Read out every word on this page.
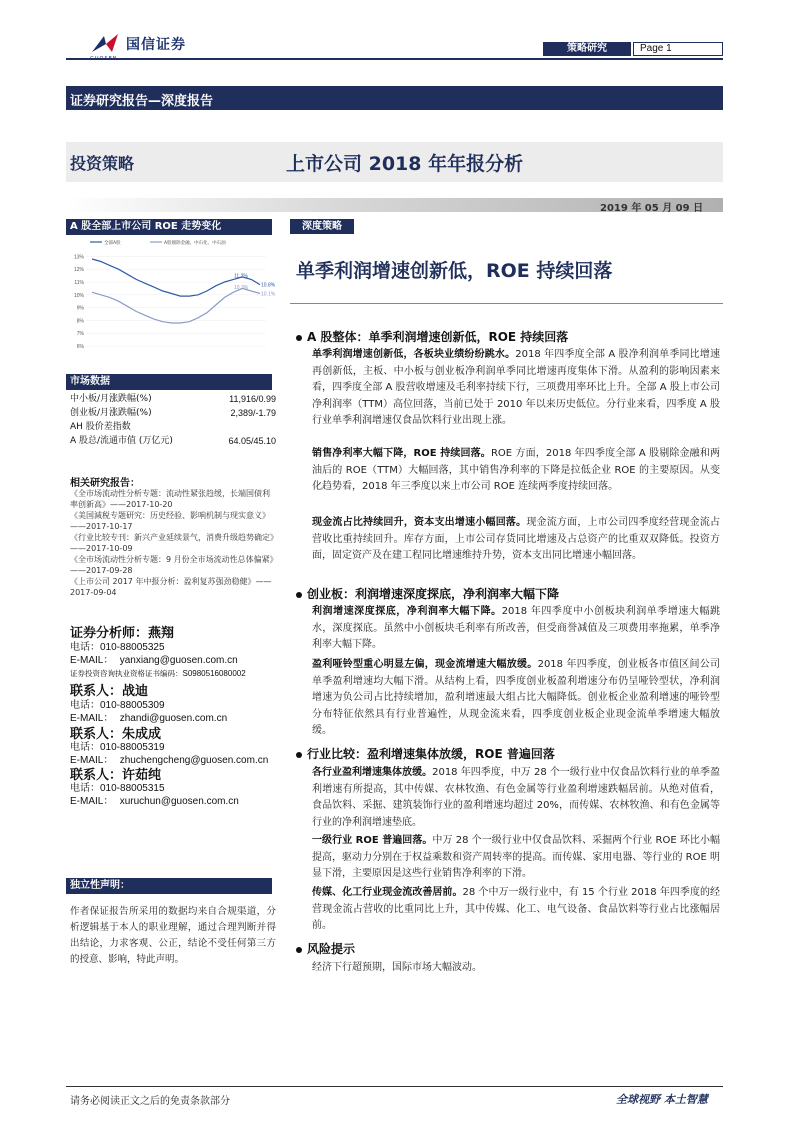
国信证券	策略研究	Page 1
证券研究报告—深度报告
投资策略	上市公司 2018 年年报分析
2019 年 05 月 09 日
A 股全部上市公司 ROE 走势变化
全部A股	A股剔除金融、中石化、中石油
13%
12%
11%
10%
9%
8%
7%
6%
11.2%
10.8%
10.3%
10.1%
市场数据
中小板/月涨跌幅(%)	11,916/0.99
创业板/月涨跌幅(%)	2,389/-1.79
AH 股价差指数
A 股总/流通市值 (万亿元)	64.05/45.10
相关研究报告：
《全市场流动性分析专题：流动性紧张趋缓，长端国债利率创新高》——2017-10-20
《美国減税专题研究：历史经验、影响机制与现实意义》——2017-10-17
《行业比较专刊：新兴产业延续景气，消费升级趋势确定》——2017-10-09
《全市场流动性分析专题：9 月份全市场流动性总体偏紧》——2017-09-28
《上市公司 2017 年中报分析：盈利复苏强劲稳健》——2017-09-04
证券分析师：燕翔
电话：010-88005325
E-MAIL： yanxiang@guosen.com.cn
证券投资咨询执业资格证书编码：S0980516080002
联系人：战迪
电话：010-88005309
E-MAIL： zhandi@guosen.com.cn
联系人：朱成成
电话：010-88005319
E-MAIL： zhuchengcheng@guosen.com.cn
联系人：许茹纯
电话：010-88005315
E-MAIL： xuruchun@guosen.com.cn
独立性声明：
作者保证报告所采用的数据均来自合规渠道，分析逻辑基于本人的职业理解，通过合理判断并得出结论，力求客观、公正，结论不受任何第三方的授意、影响，特此声明。
深度策略
单季利润增速创新低，ROE 持续回落

A 股整体：单季利润增速创新低，ROE 持续回落
单季利润增速创新低，各板块业绩纷纷跳水。2018 年四季度全部 A 股净利润单季同比增速再创新低，主板、中小板与创业板净利润单季同比增速再度集体下滑。从盈利的影响因素来看，四季度全部 A 股营收增速及毛利率持续下行，三项费用率环比上升。全部 A 股上市公司净利润率（TTM）高位回落，当前已处于 2010 年以来历史低位。分行业来看，四季度 A 股行业单季利润增速仅食品饮料行业出现上涨。
销售净利率大幅下降，ROE 持续回落。ROE 方面，2018 年四季度全部 A 股剔除金融和两油后的 ROE（TTM）大幅回落，其中销售净利率的下降是拉低企业 ROE 的主要原因。从变化趋势看，2018 年三季度以来上市公司 ROE 连续两季度持续回落。
现金流占比持续回升，资本支出增速小幅回落。现金流方面，上市公司四季度经营现金流占营收比重持续回升。库存方面，上市公司存货同比增速及占总资产的比重双双降低。投资方面，固定资产及在建工程同比增速维持升势，资本支出同比增速小幅回落。
创业板：利润增速深度探底，净利润率大幅下降
利润增速深度探底，净利润率大幅下降。2018 年四季度中小创板块利润单季增速大幅跳水，深度探底。虽然中小创板块毛利率有所改善，但受商誉减值及三项费用率拖累，单季净利率大幅下降。
盈利哑铃型重心明显左偏，现金流增速大幅放缓。2018 年四季度，创业板各市值区间公司单季盈利增速均大幅下滑。从结构上看，四季度创业板盈利增速分布仍呈哑铃型状，净利润增速为负公司占比持续增加，盈利增速最大组占比大幅降低。创业板企业盈利增速的哑铃型分布特征依然具有行业普遍性，从现金流来看，四季度创业板企业现金流单季增速大幅放缓。
行业比较：盈利增速集体放缓，ROE 普遍回落
各行业盈利增速集体放缓。2018 年四季度，中万 28 个一级行业中仅食品饮料行业的单季盈利增速有所提高，其中传媒、农林牧渔、有色金属等行业盈利增速跌幅居前。从绝对值看，食品饮料、采掘、建筑装饰行业的盈利增速均超过 20%，而传媒、农林牧渔、和有色金属等行业的净利润增速垫底。
一级行业 ROE 普遍回落。中万 28 个一级行业中仅食品饮料、采掘两个行业 ROE 环比小幅提高，驱动力分别在于权益乘数和资产周转率的提高。而传媒、家用电器、等行业的 ROE 明显下滑，主要原因是这些行业销售净利率的下滑。
传媒、化工行业现金流改善居前。28 个中万一级行业中，有 15 个行业 2018 年四季度的经营现金流占营收的比重同比上升，其中传媒、化工、电气设备、食品饮料等行业占比涨幅居前。
风险提示
经济下行超预期，国际市场大幅波动。
请务必阅读正文之后的免责条款部分	全球视野 本土智慧
